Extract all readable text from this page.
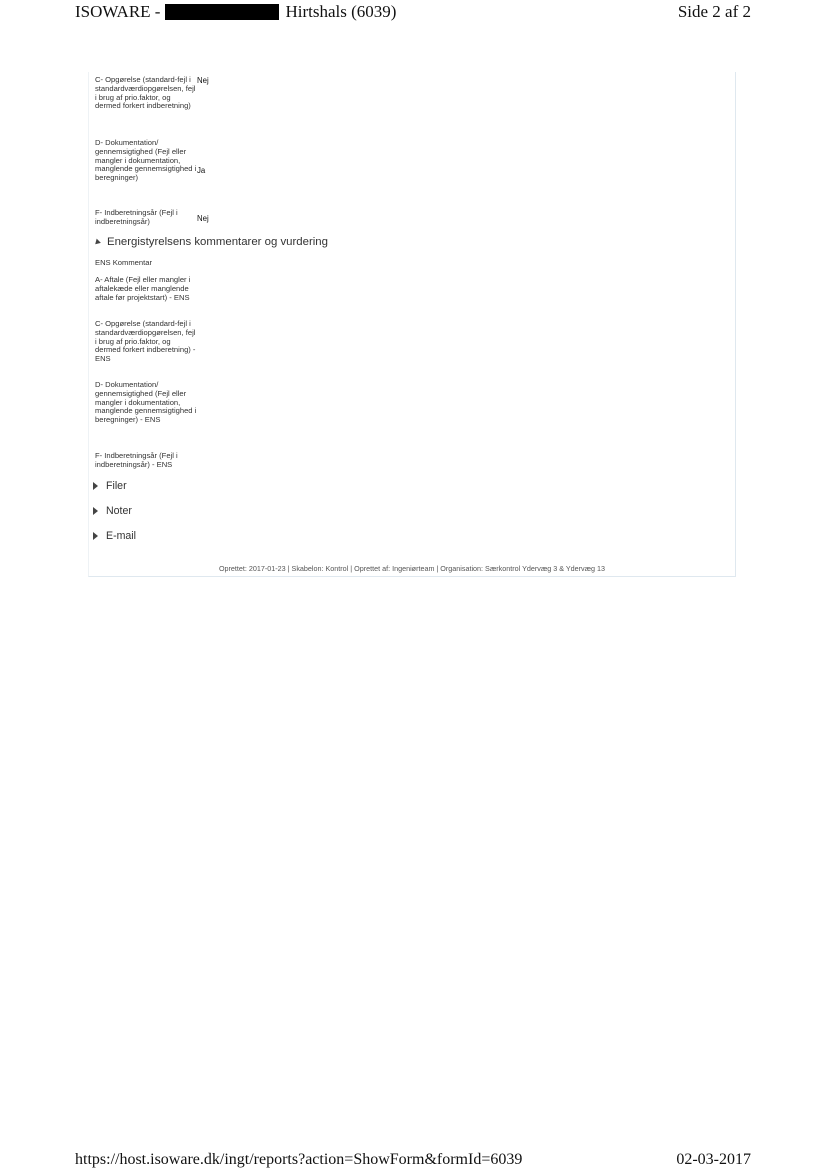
ISOWARE -	Hirtshals (6039)	Side 2 af 2
C- Opgørelse (standard-fejl i standardværdiopgørelsen, fejl i brug af prio.faktor, og dermed forkert indberetning)
Nej
D- Dokumentation/ gennemsigtighed (Fejl eller mangler i dokumentation, manglende gennemsigtighed i beregninger)
Ja
F- Indberetningsår (Fejl i indberetningsår)	Nej
Energistyrelsens kommentarer og vurdering
ENS Kommentar
A- Aftale (Fejl eller mangler i aftalekæde eller manglende aftale før projektstart) - ENS
C- Opgørelse (standard-fejl i standardværdiopgørelsen, fejl i brug af prio.faktor, og dermed forkert indberetning) - ENS
D- Dokumentation/ gennemsigtighed (Fejl eller mangler i dokumentation, manglende gennemsigtighed i beregninger) - ENS
F- Indberetningsår (Fejl i indberetningsår) - ENS
Filer
Noter
E-mail
Oprettet: 2017-01-23 | Skabelon: Kontrol | Oprettet af: Ingeniørteam | Organisation: Særkontrol Ydervæg 3 & Ydervæg 13
https://host.isoware.dk/ingt/reports?action=ShowForm&formId=6039	02-03-2017
